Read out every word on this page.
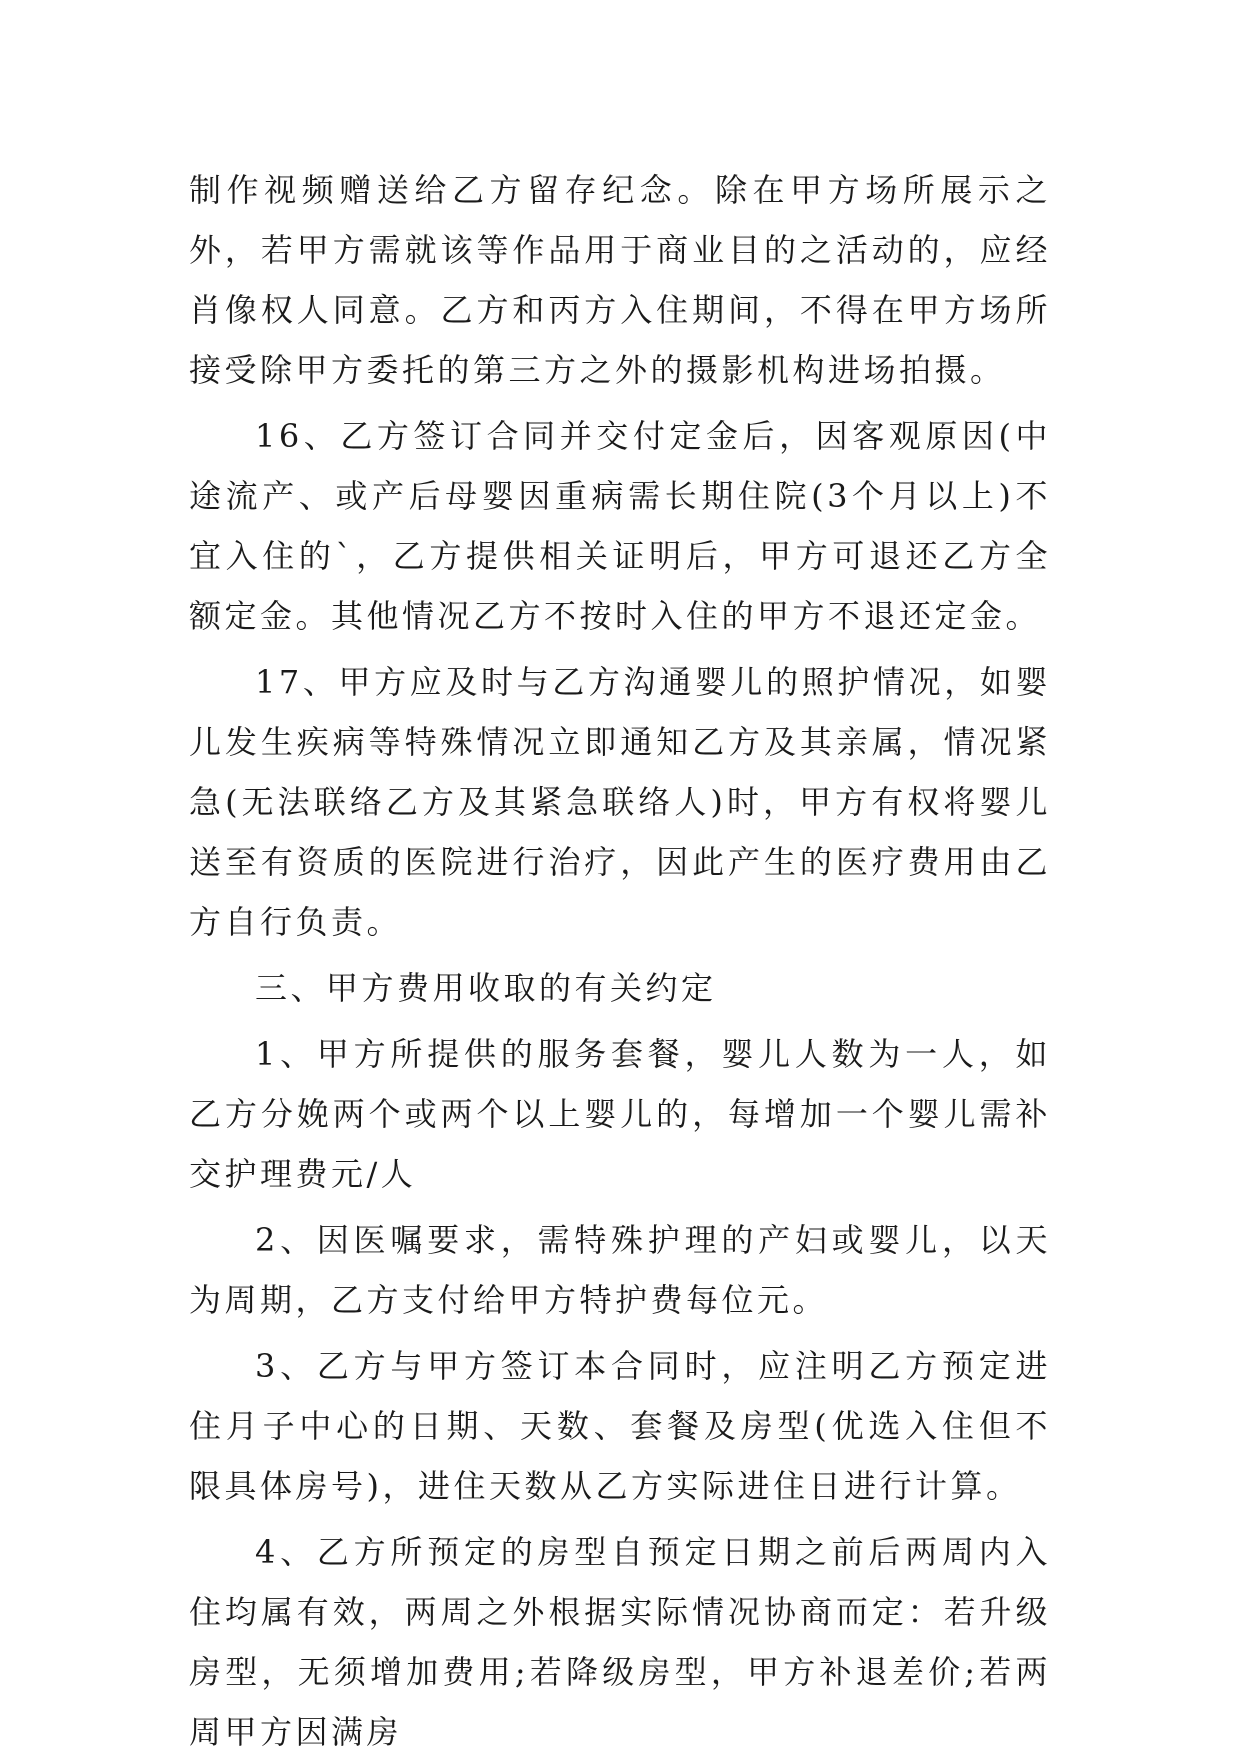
制作视频赠送给乙方留存纪念。除在甲方场所展示之外，若甲方需就该等作品用于商业目的之活动的，应经肖像权人同意。乙方和丙方入住期间，不得在甲方场所接受除甲方委托的第三方之外的摄影机构进场拍摄。

16、乙方签订合同并交付定金后，因客观原因(中途流产、或产后母婴因重病需长期住院(3个月以上)不宜入住的`，乙方提供相关证明后，甲方可退还乙方全额定金。其他情况乙方不按时入住的甲方不退还定金。

17、甲方应及时与乙方沟通婴儿的照护情况，如婴儿发生疾病等特殊情况立即通知乙方及其亲属，情况紧急(无法联络乙方及其紧急联络人)时，甲方有权将婴儿送至有资质的医院进行治疗，因此产生的医疗费用由乙方自行负责。

三、甲方费用收取的有关约定

1、甲方所提供的服务套餐，婴儿人数为一人，如乙方分娩两个或两个以上婴儿的，每增加一个婴儿需补交护理费元/人

2、因医嘱要求，需特殊护理的产妇或婴儿，以天为周期，乙方支付给甲方特护费每位元。

3、乙方与甲方签订本合同时，应注明乙方预定进住月子中心的日期、天数、套餐及房型(优选入住但不限具体房号)，进住天数从乙方实际进住日进行计算。

4、乙方所预定的房型自预定日期之前后两周内入住均属有效，两周之外根据实际情况协商而定：若升级房型，无须增加费用;若降级房型，甲方补退差价;若两周甲方因满房
